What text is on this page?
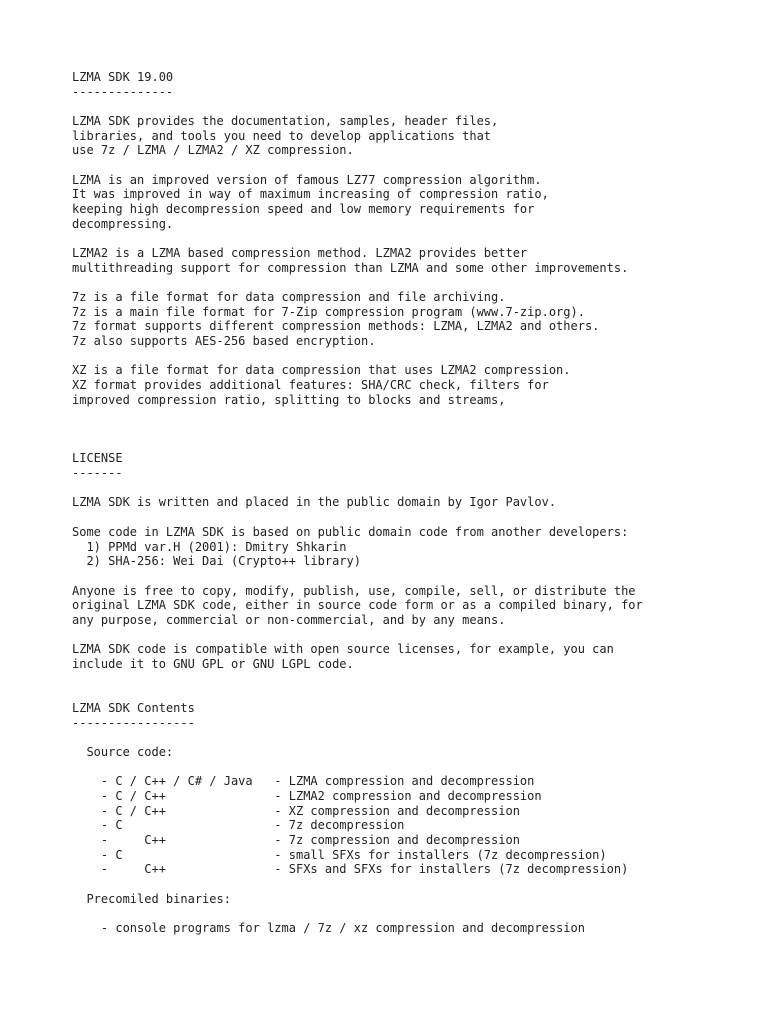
LZMA SDK 19.00
--------------

LZMA SDK provides the documentation, samples, header files,
libraries, and tools you need to develop applications that
use 7z / LZMA / LZMA2 / XZ compression.

LZMA is an improved version of famous LZ77 compression algorithm.
It was improved in way of maximum increasing of compression ratio,
keeping high decompression speed and low memory requirements for
decompressing.

LZMA2 is a LZMA based compression method. LZMA2 provides better
multithreading support for compression than LZMA and some other improvements.

7z is a file format for data compression and file archiving.
7z is a main file format for 7-Zip compression program (www.7-zip.org).
7z format supports different compression methods: LZMA, LZMA2 and others.
7z also supports AES-256 based encryption.

XZ is a file format for data compression that uses LZMA2 compression.
XZ format provides additional features: SHA/CRC check, filters for
improved compression ratio, splitting to blocks and streams,

LICENSE
-------

LZMA SDK is written and placed in the public domain by Igor Pavlov.

Some code in LZMA SDK is based on public domain code from another developers:
1) PPMd var.H (2001): Dmitry Shkarin
2) SHA-256: Wei Dai (Crypto++ library)

Anyone is free to copy, modify, publish, use, compile, sell, or distribute the
original LZMA SDK code, either in source code form or as a compiled binary, for
any purpose, commercial or non-commercial, and by any means.

LZMA SDK code is compatible with open source licenses, for example, you can
include it to GNU GPL or GNU LGPL code.

LZMA SDK Contents
-----------------

Source code:

- C / C++ / C# / Java   - LZMA compression and decompression
- C / C++               - LZMA2 compression and decompression
- C / C++               - XZ compression and decompression
- C                     - 7z decompression
-     C++               - 7z compression and decompression
- C                     - small SFXs for installers (7z decompression)
-     C++               - SFXs and SFXs for installers (7z decompression)

Precomiled binaries:

- console programs for lzma / 7z / xz compression and decompression
